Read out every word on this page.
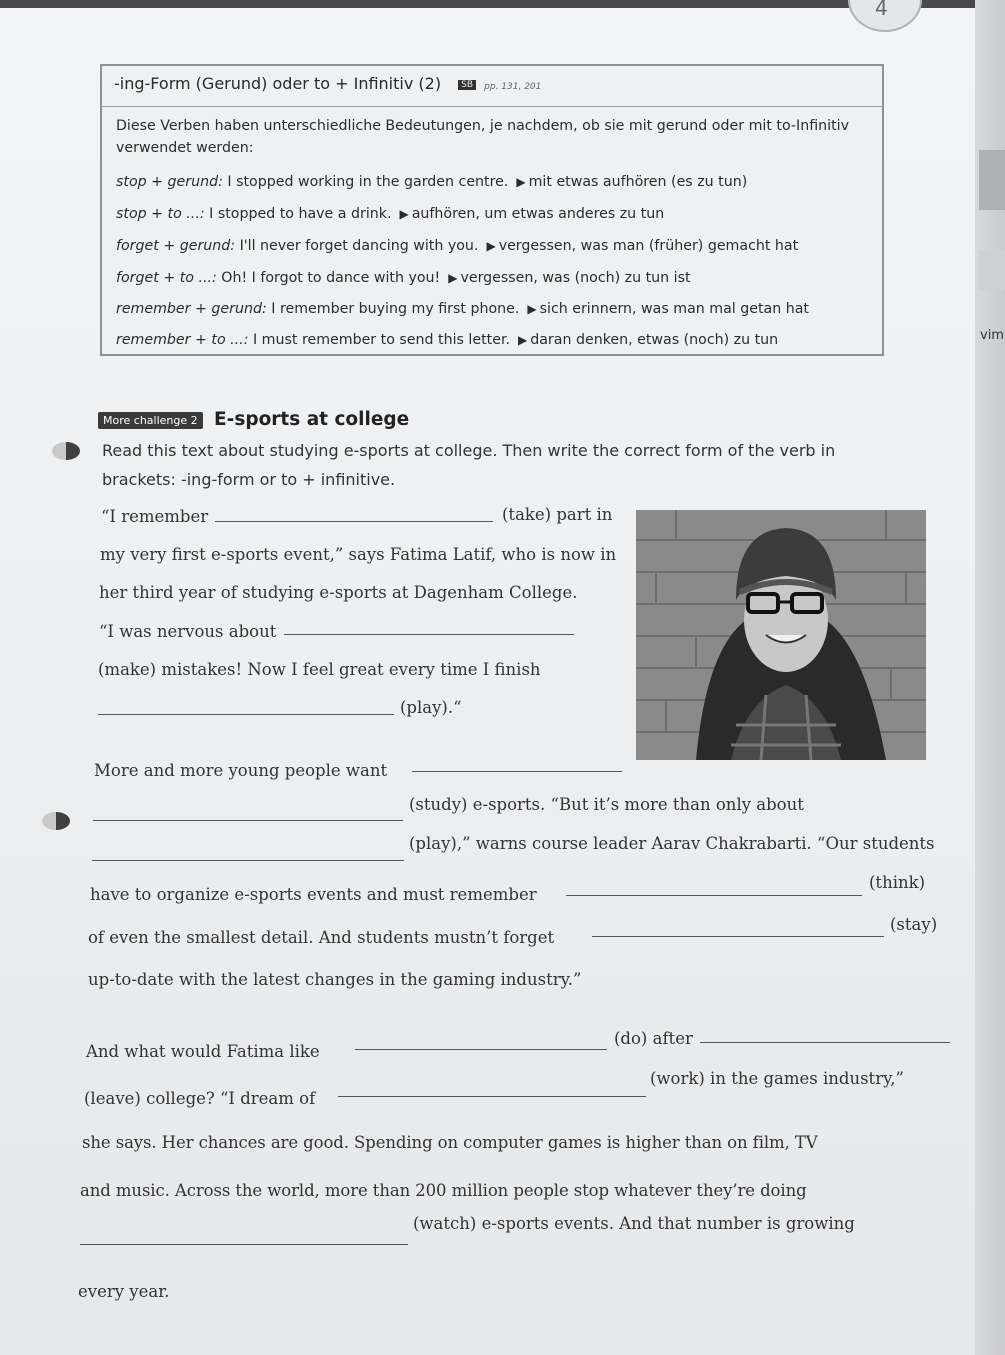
4
-ing-Form (Gerund) oder to + Infinitiv (2) SB pp. 131, 201
Diese Verben haben unterschiedliche Bedeutungen, je nachdem, ob sie mit gerund oder mit to-Infinitiv
verwendet werden:
stop + gerund: I stopped working in the garden centre. ▶ mit etwas aufhören (es zu tun)
stop + to ...: I stopped to have a drink. ▶ aufhören, um etwas anderes zu tun
forget + gerund: I'll never forget dancing with you. ▶ vergessen, was man (früher) gemacht hat
forget + to ...: Oh! I forgot to dance with you! ▶ vergessen, was (noch) zu tun ist
remember + gerund: I remember buying my first phone. ▶ sich erinnern, was man mal getan hat
remember + to ...: I must remember to send this letter. ▶ daran denken, etwas (noch) zu tun
More challenge 2 E-sports at college
Read this text about studying e-sports at college. Then write the correct form of the verb in
brackets: -ing-form or to + infinitive.
“I remember	(take) part in
my very first e-sports event,” says Fatima Latif, who is now in
her third year of studying e-sports at Dagenham College.
“I was nervous about
(make) mistakes! Now I feel great every time I finish
(play).“
More and more young people want
(study) e-sports. “But it’s more than only about
(play),” warns course leader Aarav Chakrabarti. “Our students
have to organize e-sports events and must remember
(think)
of even the smallest detail. And students mustn’t forget
(stay)
up-to-date with the latest changes in the gaming industry.”
And what would Fatima like
(do) after
(leave) college? “I dream of
(work) in the games industry,”
she says. Her chances are good. Spending on computer games is higher than on film, TV
and music. Across the world, more than 200 million people stop whatever they’re doing
(watch) e-sports events. And that number is growing
every year.
vim
